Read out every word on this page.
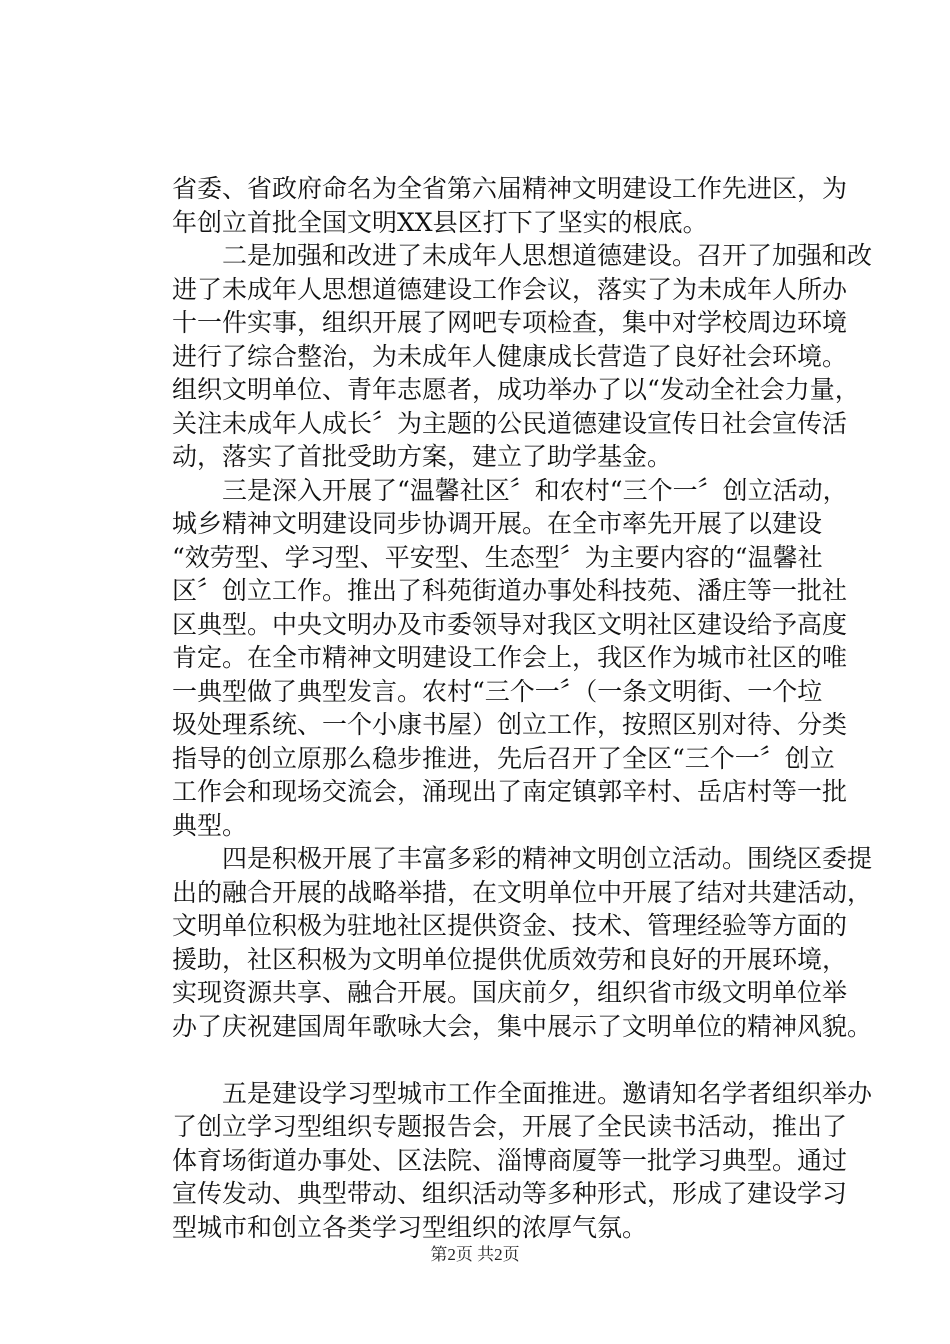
省委、省政府命名为全省第六届精神文明建设工作先进区，为
年创立首批全国文明XX县区打下了坚实的根底。
二是加强和改进了未成年人思想道德建设。召开了加强和改
进了未成年人思想道德建设工作会议，落实了为未成年人所办
十一件实事，组织开展了网吧专项检查，集中对学校周边环境
进行了综合整治，为未成年人健康成长营造了良好社会环境。
组织文明单位、青年志愿者，成功举办了以“发动全社会力量，
关注未成年人成长〞为主题的公民道德建设宣传日社会宣传活
动，落实了首批受助方案，建立了助学基金。
三是深入开展了“温馨社区〞和农村“三个一〞创立活动，
城乡精神文明建设同步协调开展。在全市率先开展了以建设
“效劳型、学习型、平安型、生态型〞为主要内容的“温馨社
区〞创立工作。推出了科苑街道办事处科技苑、潘庄等一批社
区典型。中央文明办及市委领导对我区文明社区建设给予高度
肯定。在全市精神文明建设工作会上，我区作为城市社区的唯
一典型做了典型发言。农村“三个一〞（一条文明街、一个垃
圾处理系统、一个小康书屋）创立工作，按照区别对待、分类
指导的创立原那么稳步推进，先后召开了全区“三个一〞创立
工作会和现场交流会，涌现出了南定镇郭辛村、岳店村等一批
典型。
四是积极开展了丰富多彩的精神文明创立活动。围绕区委提
出的融合开展的战略举措，在文明单位中开展了结对共建活动，
文明单位积极为驻地社区提供资金、技术、管理经验等方面的
援助，社区积极为文明单位提供优质效劳和良好的开展环境，
实现资源共享、融合开展。国庆前夕，组织省市级文明单位举
办了庆祝建国周年歌咏大会，集中展示了文明单位的精神风貌。
五是建设学习型城市工作全面推进。邀请知名学者组织举办
了创立学习型组织专题报告会，开展了全民读书活动，推出了
体育场街道办事处、区法院、淄博商厦等一批学习典型。通过
宣传发动、典型带动、组织活动等多种形式，形成了建设学习
型城市和创立各类学习型组织的浓厚气氛。
第2页 共2页
